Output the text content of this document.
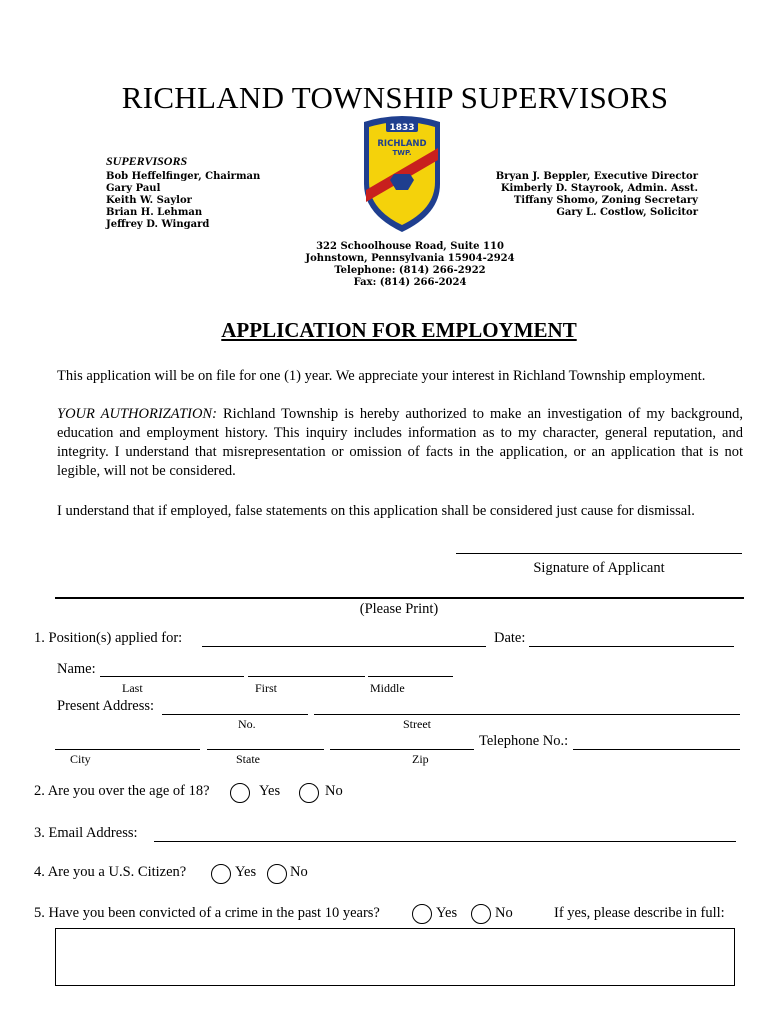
RICHLAND TOWNSHIP SUPERVISORS
1833
RICHLAND
TWP.
SUPERVISORS
Bob Heffelfinger, Chairman
Gary Paul
Keith W. Saylor
Brian H. Lehman
Jeffrey D. Wingard
Bryan J. Beppler, Executive Director
Kimberly D. Stayrook, Admin. Asst.
Tiffany Shomo, Zoning Secretary
Gary L. Costlow, Solicitor
322 Schoolhouse Road, Suite 110
Johnstown, Pennsylvania 15904-2924
Telephone: (814) 266-2922
Fax: (814) 266-2024
APPLICATION FOR EMPLOYMENT
This application will be on file for one (1) year. We appreciate your interest in Richland Township employment.
YOUR AUTHORIZATION: Richland Township is hereby authorized to make an investigation of my background, education and employment history. This inquiry includes information as to my character, general reputation, and integrity. I understand that misrepresentation or omission of facts in the application, or an application that is not legible, will not be considered.
I understand that if employed, false statements on this application shall be considered just cause for dismissal.
Signature of Applicant
(Please Print)
1. Position(s) applied for:	Date:
Name:
Last	First	Middle
Present Address:
No.	Street
Telephone No.:
City	State	Zip
2. Are you over the age of 18?	Yes	No
3. Email Address:
4. Are you a U.S. Citizen?	Yes No
5. Have you been convicted of a crime in the past 10 years?	Yes	No	If yes, please describe in full:
